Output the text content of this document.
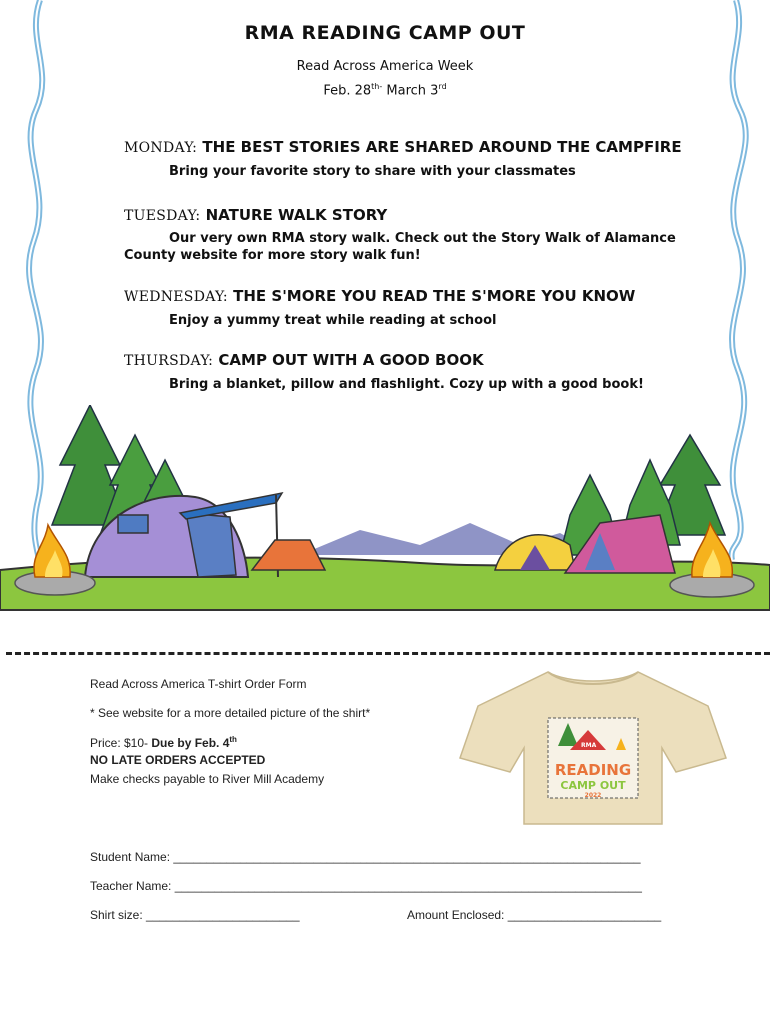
RMA READING CAMP OUT
Read Across America Week
Feb. $28^{th-}$ March 3rd
MONDAY: THE BEST STORIES ARE SHARED AROUND THE CAMPFIRE
Bring your favorite story to share with your classmates
TUESDAY: NATURE WALK STORY
Our very own RMA story walk. Check out the Story Walk of Alamance County website for more story walk fun!
WEDNESDAY: THE S'MORE YOU READ THE S'MORE YOU KNOW
Enjoy a yummy treat while reading at school
THURSDAY: CAMP OUT WITH A GOOD BOOK
Bring a blanket, pillow and flashlight. Cozy up with a good book!
Read Across America T-shirt Order Form
* See website for a more detailed picture of the shirt*
Price: $10- Due by Feb. 4th
NO LATE ORDERS ACCEPTED
Make checks payable to River Mill Academy
Student Name: ______________________________________________________________________
Teacher Name: ______________________________________________________________________
Shirt size: _______________________	Amount Enclosed: _______________________
RMA
READING
CAMP OUT
2022
